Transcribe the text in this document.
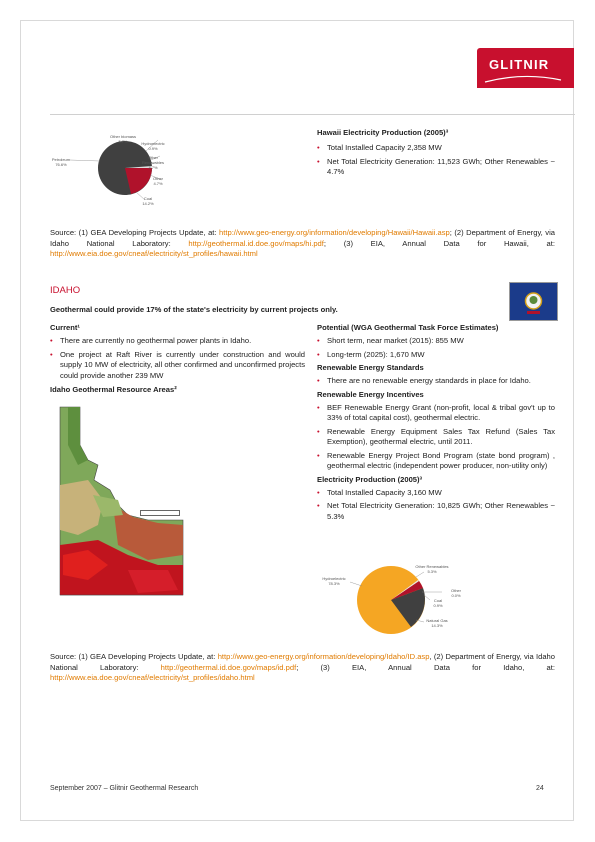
GLITNIR
Other biomass
5.7%	Hydroelectric
0.9%
Other Renewables
4.7%
Petroleum
76.6%
Other
4.7%
Coal
14.2%
Hawaii Electricity Production (2005)³
• Total Installed Capacity 2,358 MW
• Net Total Electricity Generation: 11,523 GWh; Other Renewables ~ 4.7%
Source: (1) GEA Developing Projects Update, at: http://www.geo-energy.org/information/developing/Hawaii/Hawaii.asp; (2) Department of Energy, via Idaho National Laboratory: http://geothermal.id.doe.gov/maps/hi.pdf; (3) EIA, Annual Data for Hawaii, at: http://www.eia.doe.gov/cneaf/electricity/st_profiles/hawaii.html
IDAHO
Geothermal could provide 17% of the state's electricity by current projects only.
Current¹
• There are currently no geothermal power plants in Idaho.
• One project at Raft River is currently under construction and would supply 10 MW of electricity, all other confirmed and unconfirmed projects could provide another 239 MW
Idaho Geothermal Resource Areas²
Potential (WGA Geothermal Task Force Estimates)
• Short term, near market (2015): 855 MW
• Long-term (2025): 1,670 MW
Renewable Energy Standards
• There are no renewable energy standards in place for Idaho.
Renewable Energy Incentives
• BEF Renewable Energy Grant (non-profit, local & tribal gov't up to 33% of total capital cost), geothermal electric.
• Renewable Energy Equipment Sales Tax Refund (Sales Tax Exemption), geothermal electric, until 2011.
• Renewable Energy Project Bond Program (state bond program) , geothermal electric (independent power producer, non-utility only)
Electricity Production (2005)³
• Total Installed Capacity 3,160 MW
• Net Total Electricity Generation: 10,825 GWh; Other Renewables ~ 5.3%
Hydroelectric
78.3%
Other Renewables
5.3%
Other
0.0%
Coal
0.9%
Natural Gas
14.3%
Source: (1) GEA Developing Projects Update, at: http://www.geo-energy.org/information/developing/Idaho/ID.asp, (2) Department of Energy, via Idaho National Laboratory: http://geothermal.id.doe.gov/maps/id.pdf; (3) EIA, Annual Data for Idaho, at: http://www.eia.doe.gov/cneaf/electricity/st_profiles/idaho.html
September 2007 – Glitnir Geothermal Research	24
